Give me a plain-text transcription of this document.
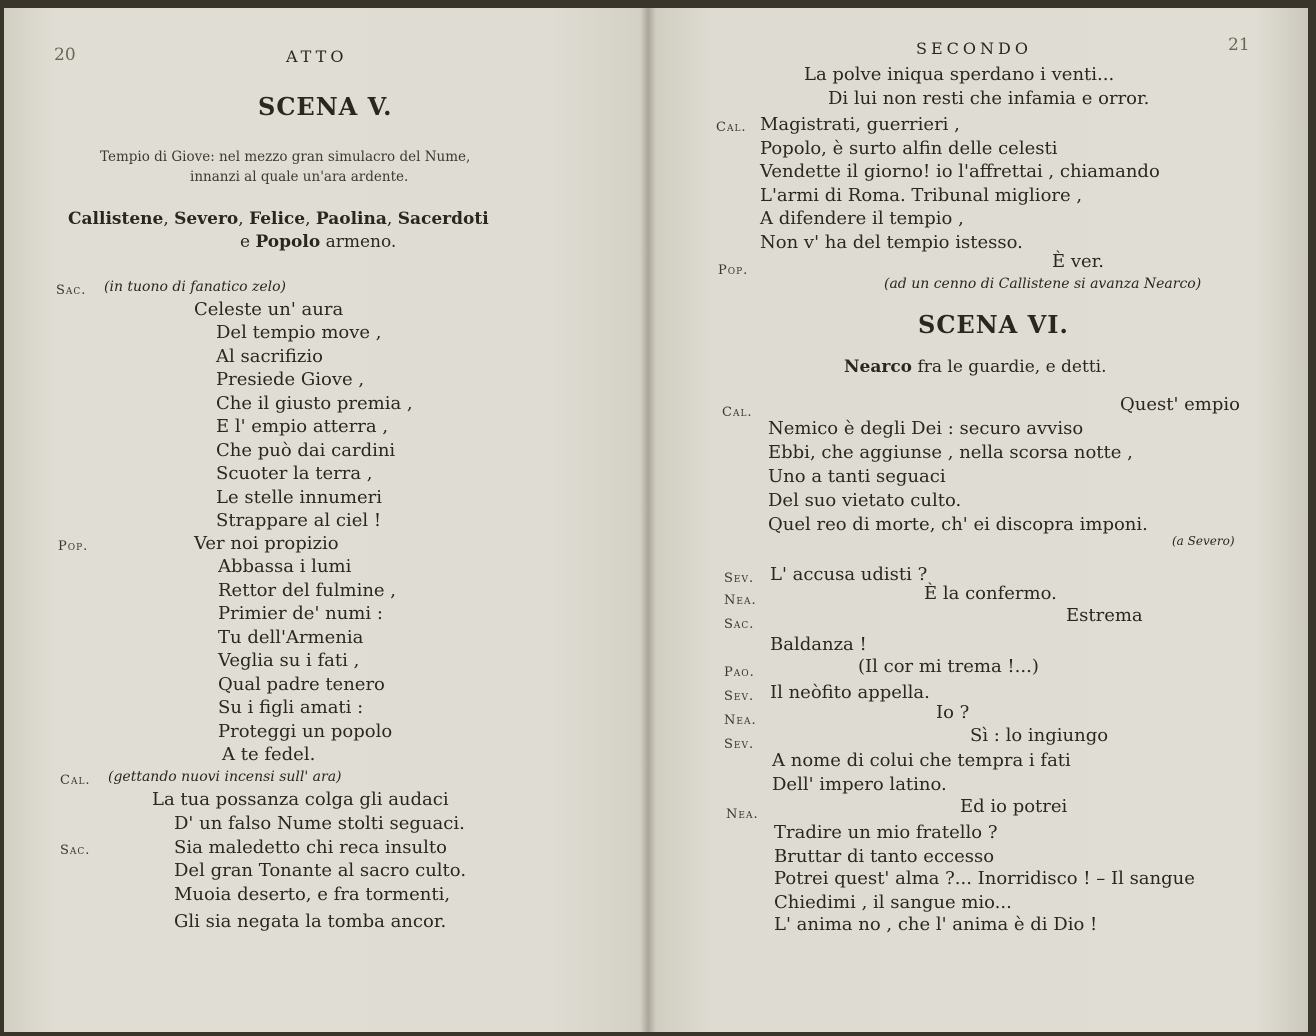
20	ATTO
SCENA V.
Tempio di Giove: nel mezzo gran simulacro del Nume,
innanzi al quale un'ara ardente.
Callistene, Severo, Felice, Paolina, Sacerdoti
e Popolo armeno.
Sac. (in tuono di fanatico zelo)
Celeste un' aura
Del tempio move ,
Al sacrifizio
Presiede Giove ,
Che il giusto premia ,
E l' empio atterra ,
Che può dai cardini
Scuoter la terra ,
Le stelle innumeri
Strappare al ciel !
Pop.	Ver noi propizio
Abbassa i lumi
Rettor del fulmine ,
Primier de' numi :
Tu dell'Armenia
Veglia su i fati ,
Qual padre tenero
Su i figli amati :
Proteggi un popolo
A te fedel.
Cal. (gettando nuovi incensi sull' ara)
La tua possanza colga gli audaci
D' un falso Nume stolti seguaci.
Sac.	Sia maledetto chi reca insulto
Del gran Tonante al sacro culto.
Muoia deserto, e fra tormenti,
Gli sia negata la tomba ancor.
SECONDO	21
La polve iniqua sperdano i venti...
Di lui non resti che infamia e orror.
Cal. Magistrati, guerrieri ,
Popolo, è surto alfin delle celesti
Vendette il giorno! io l'affrettai , chiamando
L'armi di Roma. Tribunal migliore ,
A difendere il tempio ,
Non v' ha del tempio istesso.
Pop.	È ver.
(ad un cenno di Callistene si avanza Nearco)
SCENA VI.
Nearco fra le guardie, e detti.
Cal.	Quest' empio
Nemico è degli Dei : securo avviso
Ebbi, che aggiunse , nella scorsa notte ,
Uno a tanti seguaci
Del suo vietato culto.
Quel reo di morte, ch' ei discopra imponi.
(a Severo)
Sev. L' accusa udisti ?
Nea.	È la confermo.
Sac.	Estrema
Baldanza !
Pao.	(Il cor mi trema !...)
Sev. Il neòfito appella.
Nea.	Io ?
Sev.	Sì : lo ingiungo
A nome di colui che tempra i fati
Dell' impero latino.
Nea.	Ed io potrei
Tradire un mio fratello ?
Bruttar di tanto eccesso
Potrei quest' alma ?... Inorridisco ! – Il sangue
Chiedimi , il sangue mio...
L' anima no , che l' anima è di Dio !
